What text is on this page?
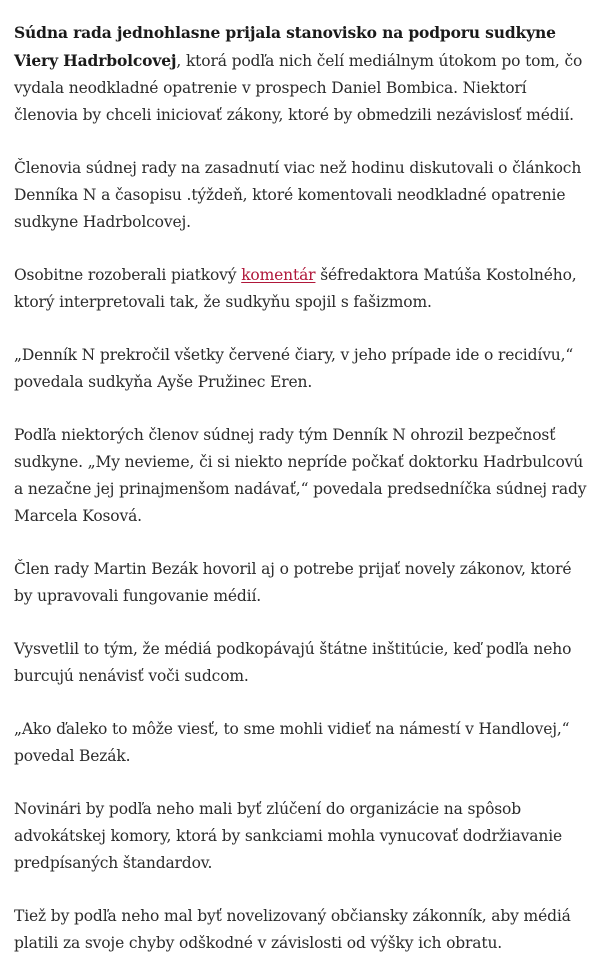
Súdna rada jednohlasne prijala stanovisko na podporu sudkyne Viery Hadrbolcovej, ktorá podľa nich čelí mediálnym útokom po tom, čo vydala neodkladné opatrenie v prospech Daniel Bombica. Niektorí členovia by chceli iniciovať zákony, ktoré by obmedzili nezávislosť médií.

Členovia súdnej rady na zasadnutí viac než hodinu diskutovali o článkoch Denníka N a časopisu .týždeň, ktoré komentovali neodkladné opatrenie sudkyne Hadrbolcovej.

Osobitne rozoberali piatkový komentár šéfredaktora Matúša Kostolného, ktorý interpretovali tak, že sudkyňu spojil s fašizmom.

„Denník N prekročil všetky červené čiary, v jeho prípade ide o recidívu,“ povedala sudkyňa Ayše Pružinec Eren.

Podľa niektorých členov súdnej rady tým Denník N ohrozil bezpečnosť sudkyne. „My nevieme, či si niekto nepríde počkať doktorku Hadrbulcovú a nezačne jej prinajmenšom nadávať,“ povedala predsedníčka súdnej rady Marcela Kosová.

Člen rady Martin Bezák hovoril aj o potrebe prijať novely zákonov, ktoré by upravovali fungovanie médií.

Vysvetlil to tým, že médiá podkopávajú štátne inštitúcie, keď podľa neho burcujú nenávisť voči sudcom.

„Ako ďaleko to môže viesť, to sme mohli vidieť na námestí v Handlovej,“ povedal Bezák.

Novinári by podľa neho mali byť zlúčení do organizácie na spôsob advokátskej komory, ktorá by sankciami mohla vynucovať dodržiavanie predpísaných štandardov.

Tiež by podľa neho mal byť novelizovaný občiansky zákonník, aby médiá platili za svoje chyby odškodné v závislosti od výšky ich obratu.
